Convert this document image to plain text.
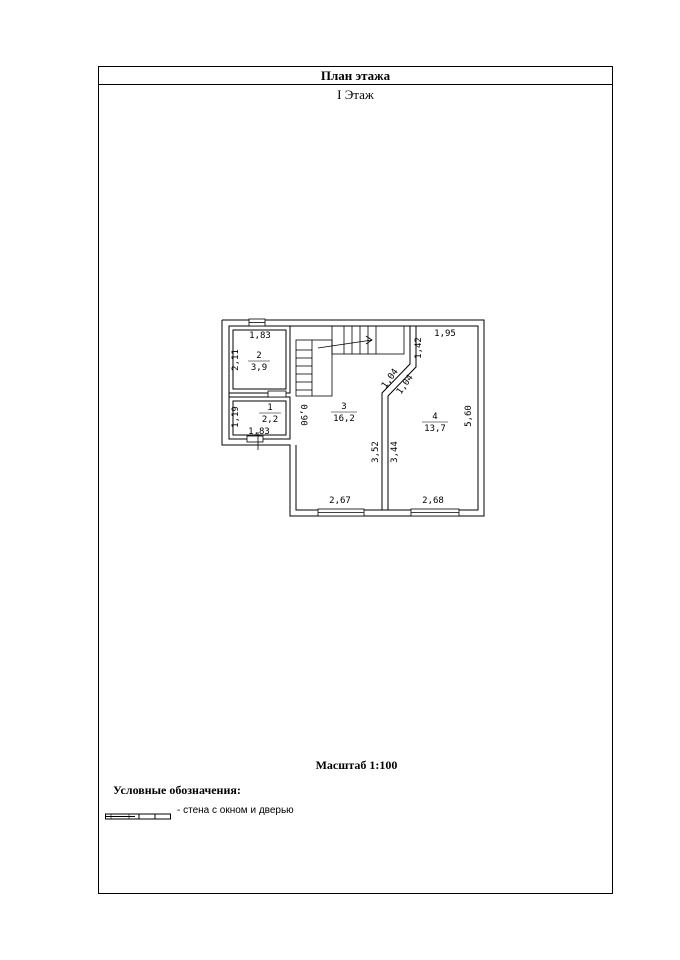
План этажа
I Этаж
Масштаб 1:100
Условные обозначения:
- стена с окном и дверью
3,9
2
1
2,2
3
16,2	4
13,7
1,83
2,11
1,19
1,83
0,90
3,52
2,67
1,95
1,42
1,04
1,04
3,44
5,60
2,68
